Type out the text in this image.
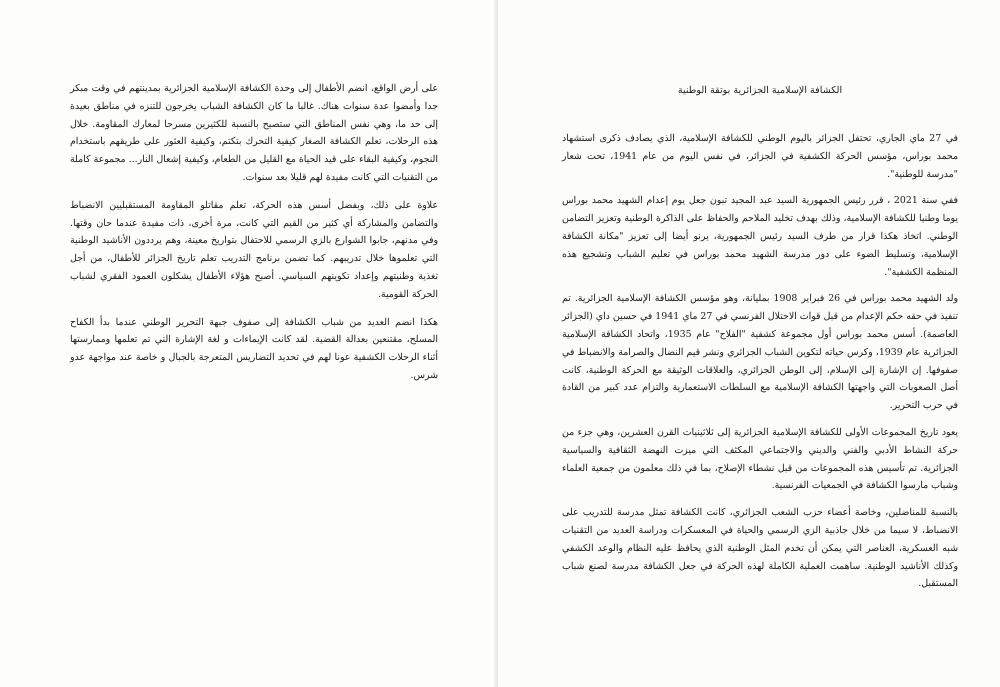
على أرض الواقع، انضم الأطفال إلى وحدة الكشافة الإسلامية الجزائرية بمدينتهم في وقت مبكر جدا وأمضوا عدة سنوات هناك. غالبا ما كان الكشافة الشباب يخرجون للتنزه في مناطق بعيدة إلى حد ما، وهي نفس المناطق التي ستصبح بالنسبة للكثيرين مسرحا لمعارك المقاومة. خلال هذه الرحلات، تعلم الكشافة الصغار كيفية التحرك بتكتم، وكيفية العثور على طريقهم باستخدام النجوم، وكيفية البقاء على قيد الحياة مع القليل من الطعام، وكيفية إشعال النار... مجموعة كاملة من التقنيات التي كانت مفيدة لهم قليلا بعد سنوات.

علاوة على ذلك، وبفضل أسس هذه الحركة، تعلم مقاتلو المقاومة المستقبليين الانضباط والتضامن والمشاركة أي كثير من القيم التي كانت، مرة أخرى، ذات مفيدة عندما حان وقتها. وفي مدنهم، جابوا الشوارع بالزي الرسمي للاحتفال بتواريخ معينة، وهم يرددون الأناشيد الوطنية التي تعلموها خلال تدريبهم. كما تضمن برنامج التدريب تعلم تاريخ الجزائر للأطفال، من أجل تغذية وطنيتهم وإعداد تكوينهم السياسي. أصبح هؤلاء الأطفال يشكلون العمود الفقري لشباب الحركة القومية.

هكذا انضم العديد من شباب الكشافة إلى صفوف جبهة التحرير الوطني عندما بدأ الكفاح المسلح، مقتنعين بعدالة القضية. لقد كانت الإيماءات و لغة الإشارة التي تم تعلمها وممارستها أثناء الرحلات الكشفية عونا لهم في تحديد التضاريس المتعرجة بالجبال و خاصة عند مواجهة عدو شرس.

الكشافة الإسلامية الجزائرية بوتقة الوطنية

في 27 ماي الجاري، تحتفل الجزائر باليوم الوطني للكشافة الإسلامية، الذي يصادف ذكرى استشهاد محمد بوراس، مؤسس الحركة الكشفية في الجزائر، في نفس اليوم من عام 1941، تحت شعار "مدرسة للوطنية".

ففي سنة 2021 ، قرر رئيس الجمهورية السيد عبد المجيد تبون جعل يوم إعدام الشهيد محمد بوراس يوما وطنيا للكشافة الإسلامية، وذلك بهدف تخليد الملاحم والحفاظ على الذاكرة الوطنية وتعزيز التضامن الوطني. اتخاذ هكذا قرار من طرف السيد رئيس الجمهورية، يرنو أيضا إلى تعزيز "مكانة الكشافة الإسلامية، وتسليط الضوء على دور مدرسة الشهيد محمد بوراس في تعليم الشباب وتشجيع هذه المنظمة الكشفية".

ولد الشهيد محمد بوراس في 26 فبراير 1908 بمليانة، وهو مؤسس الكشافة الإسلامية الجزائرية. تم تنفيذ في حقه حكم الإعدام من قبل قوات الاحتلال الفرنسي في 27 ماي 1941 في حسين داي (الجزائر العاصمة). أسس محمد بوراس أول مجموعة كشفية "الفلاح" عام 1935، واتحاد الكشافة الإسلامية الجزائرية عام 1939، وكرس حياته لتكوين الشباب الجزائري ونشر قيم النضال والصرامة والانضباط في صفوفها. إن الإشارة إلى الإسلام، إلى الوطن الجزائري، والعلاقات الوثيقة مع الحركة الوطنية، كانت أصل الصعوبات التي واجهتها الكشافة الإسلامية مع السلطات الاستعمارية والتزام عدد كبير من القادة في حرب التحرير.

يعود تاريخ المجموعات الأولى للكشافة الإسلامية الجزائرية إلى ثلاثينيات القرن العشرين، وهي جزء من حركة النشاط الأدبي والفني والديني والاجتماعي المكثف التي ميزت النهضة الثقافية والسياسية الجزائرية. تم تأسيس هذه المجموعات من قبل نشطاء الإصلاح، بما في ذلك معلمون من جمعية العلماء وشباب مارسوا الكشافة في الجمعيات الفرنسية.

بالنسبة للمناضلين، وخاصة أعضاء حزب الشعب الجزائري، كانت الكشافة تمثل مدرسة للتدريب على الانضباط، لا سيما من خلال جاذبية الزي الرسمي والحياة في المعسكرات ودراسة العديد من التقنيات شبه العسكرية، العناصر التي يمكن أن تخدم المثل الوطنية الذي يحافظ عليه النظام والوعد الكشفي وكذلك الأناشيد الوطنية. ساهمت العملية الكاملة لهذه الحركة في جعل الكشافة مدرسة لصنع شباب المستقبل.
